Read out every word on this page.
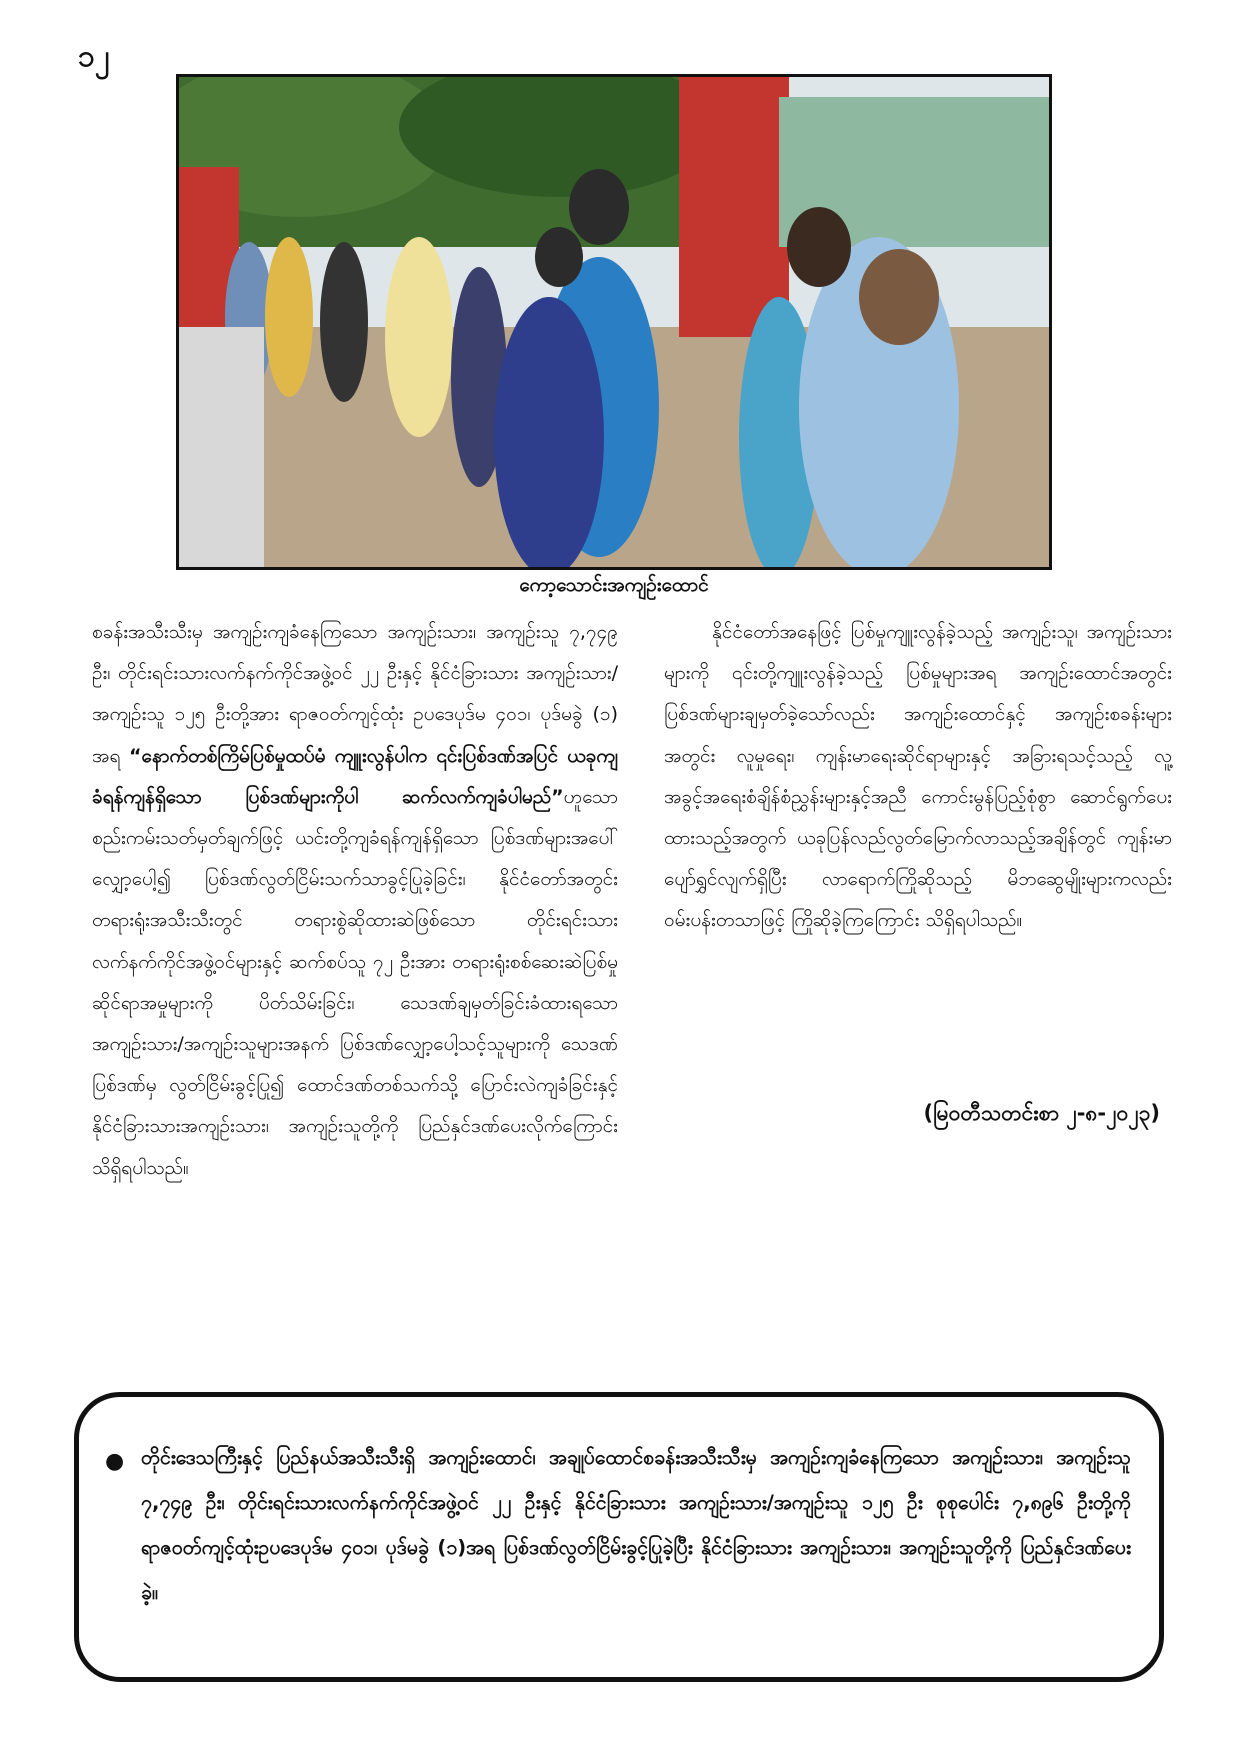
၁၂
ကော့သောင်းအကျဉ်းထောင်
စခန်းအသီးသီးမှ အကျဉ်းကျခံနေကြသော အကျဉ်းသား၊ အကျဉ်းသူ ၇,၇၄၉ ဦး၊ တိုင်းရင်းသားလက်နက်ကိုင်အဖွဲ့ဝင် ၂၂ ဦးနှင့် နိုင်ငံခြားသား အကျဉ်းသား/အကျဉ်းသူ ၁၂၅ ဦးတို့အား ရာဇဝတ်ကျင့်ထုံး ဥပဒေပုဒ်မ ၄၀၁၊ ပုဒ်မခွဲ (၁) အရ “နောက်တစ်ကြိမ်ပြစ်မှုထပ်မံ ကျူးလွန်ပါက ၎င်းပြစ်ဒဏ်အပြင် ယခုကျခံရန်ကျန်ရှိသော ပြစ်ဒဏ်များကိုပါ ဆက်လက်ကျခံပါမည်”ဟူသော စည်းကမ်းသတ်မှတ်ချက်ဖြင့် ယင်းတို့ကျခံရန်ကျန်ရှိသော ပြစ်ဒဏ်များအပေါ် လျှော့ပေါ့၍ ပြစ်ဒဏ်လွတ်ငြိမ်းသက်သာခွင့်ပြုခဲ့ခြင်း၊ နိုင်ငံတော်အတွင်း တရားရုံးအသီးသီးတွင် တရားစွဲဆိုထားဆဲဖြစ်သော တိုင်းရင်းသားလက်နက်ကိုင်အဖွဲ့ဝင်များနှင့် ဆက်စပ်သူ ၇၂ ဦးအား တရားရုံးစစ်ဆေးဆဲပြစ်မှုဆိုင်ရာအမှုများကို ပိတ်သိမ်းခြင်း၊ သေဒဏ်ချမှတ်ခြင်းခံထားရသော အကျဉ်းသား/အကျဉ်းသူများအနက် ပြစ်ဒဏ်လျှော့ပေါ့သင့်သူများကို သေဒဏ်ပြစ်ဒဏ်မှ လွတ်ငြိမ်းခွင့်ပြု၍ ထောင်ဒဏ်တစ်သက်သို့ ပြောင်းလဲကျခံခြင်းနှင့် နိုင်ငံခြားသားအကျဉ်းသား၊ အကျဉ်းသူတို့ကို ပြည်နှင်ဒဏ်ပေးလိုက်ကြောင်း သိရှိရပါသည်။
နိုင်ငံတော်အနေဖြင့် ပြစ်မှုကျူးလွန်ခဲ့သည့် အကျဉ်းသူ၊ အကျဉ်းသားများကို ၎င်းတို့ကျူးလွန်ခဲ့သည့် ပြစ်မှုများအရ အကျဉ်းထောင်အတွင်း ပြစ်ဒဏ်များချမှတ်ခဲ့သော်လည်း အကျဉ်းထောင်နှင့် အကျဉ်းစခန်းများအတွင်း လူမှုရေး၊ ကျန်းမာရေးဆိုင်ရာများနှင့် အခြားရသင့်သည့် လူ့အခွင့်အရေးစံချိန်စံညွှန်းများနှင့်အညီ ကောင်းမွန်ပြည့်စုံစွာ ဆောင်ရွက်ပေးထားသည့်အတွက် ယခုပြန်လည်လွတ်မြောက်လာသည့်အချိန်တွင် ကျန်းမာပျော်ရွှင်လျက်ရှိပြီး လာရောက်ကြိုဆိုသည့် မိဘဆွေမျိုးများကလည်း ဝမ်းပန်းတသာဖြင့် ကြိုဆိုခဲ့ကြကြောင်း သိရှိရပါသည်။
(မြဝတီသတင်းစာ ၂-၈-၂၀၂၃)
● တိုင်းဒေသကြီးနှင့် ပြည်နယ်အသီးသီးရှိ အကျဉ်းထောင်၊ အချုပ်ထောင်စခန်းအသီးသီးမှ အကျဉ်းကျခံနေကြသော အကျဉ်းသား၊ အကျဉ်းသူ ၇,၇၄၉ ဦး၊ တိုင်းရင်းသားလက်နက်ကိုင်အဖွဲ့ဝင် ၂၂ ဦးနှင့် နိုင်ငံခြားသား အကျဉ်းသား/အကျဉ်းသူ ၁၂၅ ဦး စုစုပေါင်း ၇,၈၉၆ ဦးတို့ကို ရာဇဝတ်ကျင့်ထုံးဥပဒေပုဒ်မ ၄၀၁၊ ပုဒ်မခွဲ (၁)အရ ပြစ်ဒဏ်လွတ်ငြိမ်းခွင့်ပြုခဲ့ပြီး နိုင်ငံခြားသား အကျဉ်းသား၊ အကျဉ်းသူတို့ကို ပြည်နှင်ဒဏ်ပေးခဲ့။
